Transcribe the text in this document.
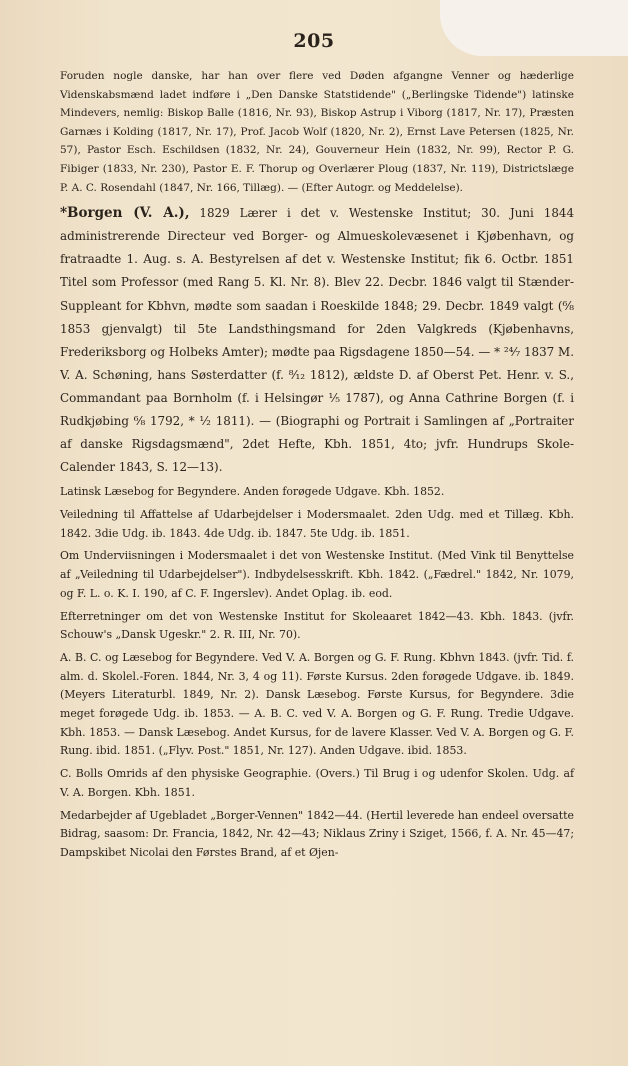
205

Foruden nogle danske, har han over flere ved Døden afgangne Venner og hæderlige Videnskabsmænd ladet indføre i „Den Danske Statstidende" („Berlingske Tidende") latinske Mindevers, nemlig: Biskop Balle (1816, Nr. 93), Biskop Astrup i Viborg (1817, Nr. 17), Præsten Garnæs i Kolding (1817, Nr. 17), Prof. Jacob Wolf (1820, Nr. 2), Ernst Lave Petersen (1825, Nr. 57), Pastor Esch. Eschildsen (1832, Nr. 24), Gouverneur Hein (1832, Nr. 99), Rector P. G. Fibiger (1833, Nr. 230), Pastor E. F. Thorup og Overlærer Ploug (1837, Nr. 119), Districtslæge P. A. C. Rosendahl (1847, Nr. 166, Tillæg). — (Efter Autogr. og Meddelelse).

*Borgen (V. A.), 1829 Lærer i det v. Westenske Institut; 30. Juni 1844 administrerende Directeur ved Borger- og Almueskolevæsenet i Kjøbenhavn, og fratraadte 1. Aug. s. A. Bestyrelsen af det v. Westenske Institut; fik 6. Octbr. 1851 Titel som Professor (med Rang 5. Kl. Nr. 8). Blev 22. Decbr. 1846 valgt til Stænder-Suppleant for Kbhvn, mødte som saadan i Roeskilde 1848; 29. Decbr. 1849 valgt (⁶⁄₈ 1853 gjenvalgt) til 5te Landsthingsmand for 2den Valgkreds (Kjøbenhavns, Frederiksborg og Holbeks Amter); mødte paa Rigsdagene 1850—54. — * ²⁴⁄₇ 1837 M. V. A. Schøning, hans Søsterdatter (f. ⁸⁄₁₂ 1812), ældste D. af Oberst Pet. Henr. v. S., Commandant paa Bornholm (f. i Helsingør ¹⁄₅ 1787), og Anna Cathrine Borgen (f. i Rudkjøbing ⁶⁄₈ 1792, * ¹⁄₂ 1811). — (Biographi og Portrait i Samlingen af „Portraiter af danske Rigsdagsmænd", 2det Hefte, Kbh. 1851, 4to; jvfr. Hundrups Skole-Calender 1843, S. 12—13).

Latinsk Læsebog for Begyndere. Anden forøgede Udgave. Kbh. 1852.

Veiledning til Affattelse af Udarbejdelser i Modersmaalet. 2den Udg. med et Tillæg. Kbh. 1842. 3die Udg. ib. 1843. 4de Udg. ib. 1847. 5te Udg. ib. 1851.

Om Underviisningen i Modersmaalet i det von Westenske Institut. (Med Vink til Benyttelse af „Veiledning til Udarbejdelser"). Indbydelsesskrift. Kbh. 1842. („Fædrel." 1842, Nr. 1079, og F. L. o. K. I. 190, af C. F. Ingerslev). Andet Oplag. ib. eod.

Efterretninger om det von Westenske Institut for Skoleaaret 1842—43. Kbh. 1843. (jvfr. Schouw's „Dansk Ugeskr." 2. R. III, Nr. 70).

A. B. C. og Læsebog for Begyndere. Ved V. A. Borgen og G. F. Rung. Kbhvn 1843. (jvfr. Tid. f. alm. d. Skolel.-Foren. 1844, Nr. 3, 4 og 11). Første Kursus. 2den forøgede Udgave. ib. 1849. (Meyers Literaturbl. 1849, Nr. 2). Dansk Læsebog. Første Kursus, for Begyndere. 3die meget forøgede Udg. ib. 1853. — A. B. C. ved V. A. Borgen og G. F. Rung. Tredie Udgave. Kbh. 1853. — Dansk Læsebog. Andet Kursus, for de lavere Klasser. Ved V. A. Borgen og G. F. Rung. ibid. 1851. („Flyv. Post." 1851, Nr. 127). Anden Udgave. ibid. 1853.

C. Bolls Omrids af den physiske Geographie. (Overs.) Til Brug i og udenfor Skolen. Udg. af V. A. Borgen. Kbh. 1851.

Medarbejder af Ugebladet „Borger-Vennen" 1842—44. (Hertil leverede han endeel oversatte Bidrag, saasom: Dr. Francia, 1842, Nr. 42—43; Niklaus Zriny i Sziget, 1566, f. A. Nr. 45—47; Dampskibet Nicolai den Førstes Brand, af et Øjen-
